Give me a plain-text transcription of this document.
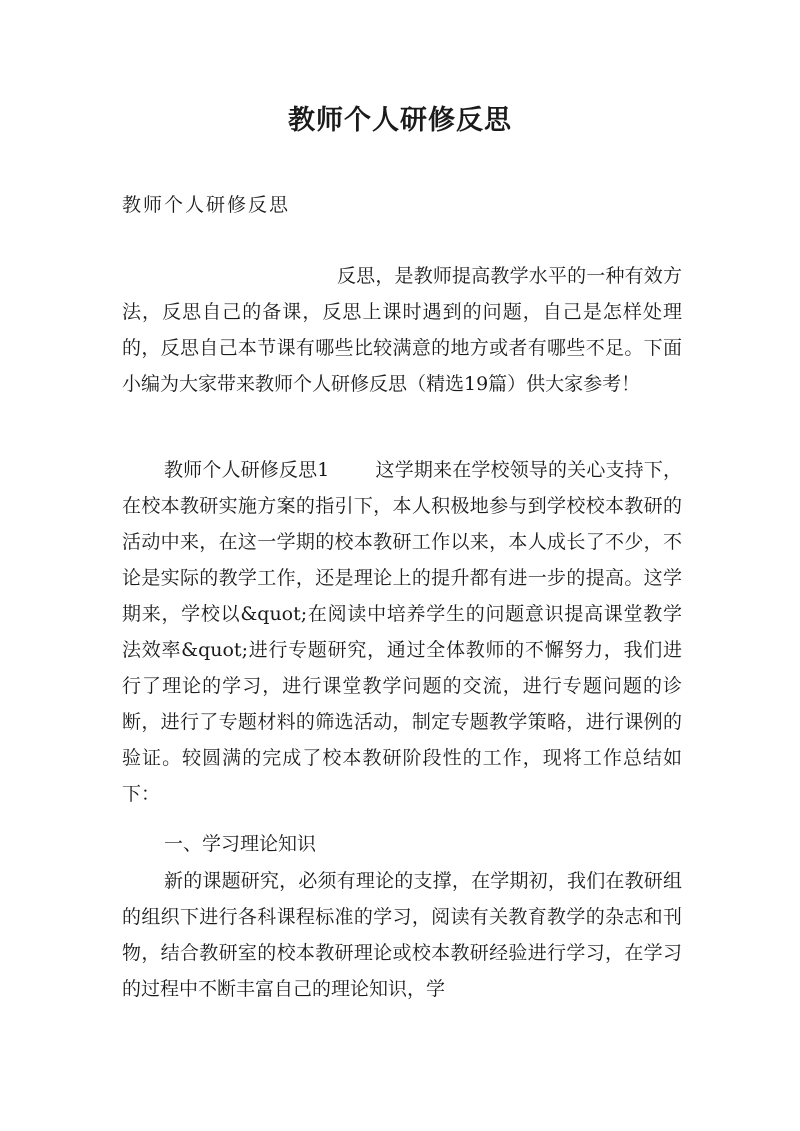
教师个人研修反思
教师个人研修反思
反思，是教师提高教学水平的一种有效方法，反思自己的备课，反思上课时遇到的问题，自己是怎样处理的，反思自己本节课有哪些比较满意的地方或者有哪些不足。下面小编为大家带来教师个人研修反思（精选19篇）供大家参考！
教师个人研修反思1 这学期来在学校领导的关心支持下，在校本教研实施方案的指引下，本人积极地参与到学校校本教研的活动中来，在这一学期的校本教研工作以来，本人成长了不少，不论是实际的教学工作，还是理论上的提升都有进一步的提高。这学期来，学校以&quot;在阅读中培养学生的问题意识提高课堂教学法效率&quot;进行专题研究，通过全体教师的不懈努力，我们进行了理论的学习，进行课堂教学问题的交流，进行专题问题的诊断，进行了专题材料的筛选活动，制定专题教学策略，进行课例的验证。较圆满的完成了校本教研阶段性的工作，现将工作总结如下：
一、学习理论知识
新的课题研究，必须有理论的支撑，在学期初，我们在教研组的组织下进行各科课程标准的学习，阅读有关教育教学的杂志和刊物，结合教研室的校本教研理论或校本教研经验进行学习，在学习的过程中不断丰富自己的理论知识，学
